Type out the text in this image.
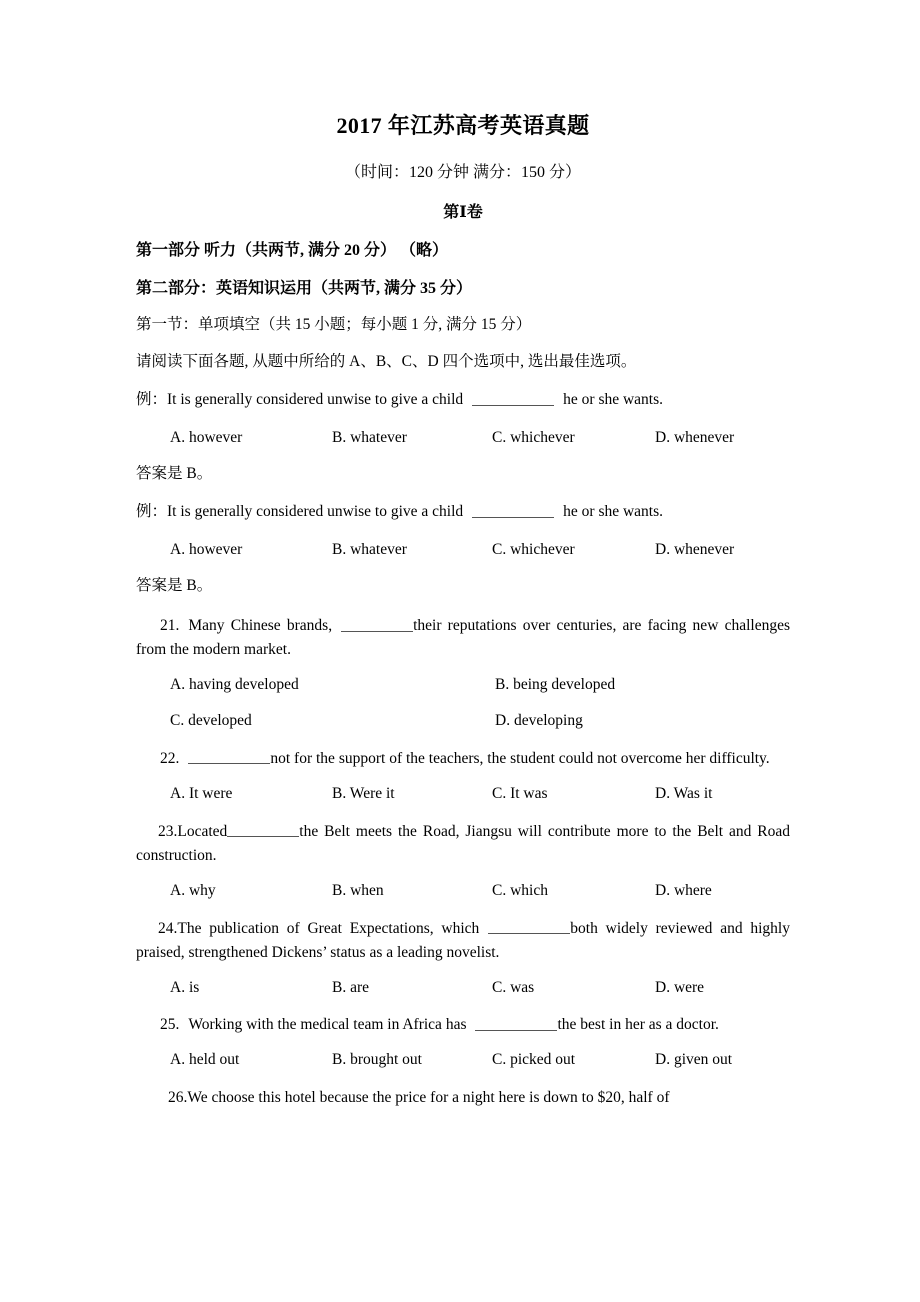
2017 年江苏高考英语真题
（时间：120 分钟 满分：150 分）
第Ⅰ卷
第一部分 听力（共两节, 满分 20 分） （略）
第二部分：英语知识运用（共两节, 满分 35 分）
第一节：单项填空（共 15 小题；每小题 1 分, 满分 15 分）
请阅读下面各题, 从题中所给的 A、B、C、D 四个选项中, 选出最佳选项。
例：It is generally considered unwise to give a child	he or she wants.
A. however	B. whatever	C. whichever	D. whenever
答案是 B。
例：It is generally considered unwise to give a child	he or she wants.
A. however	B. whatever	C. whichever	D. whenever
答案是 B。
21. Many Chinese brands,	their reputations over centuries, are facing new challenges from the modern market.
A. having developed	B. being developed
C. developed	D. developing
22.	not for the support of the teachers, the student could not overcome her difficulty.
A. It were	B. Were it	C. It was	D. Was it
23.Located	the Belt meets the Road, Jiangsu will contribute more to the Belt and Road construction.
A. why	B. when	C. which	D. where
24.The publication of Great Expectations, which	both widely reviewed and highly praised, strengthened Dickens’ status as a leading novelist.
A. is	B. are	C. was	D. were
25. Working with the medical team in Africa has	the best in her as a doctor.
A. held out	B. brought out	C. picked out	D. given out
26.We choose this hotel because the price for a night here is down to $20, half of
